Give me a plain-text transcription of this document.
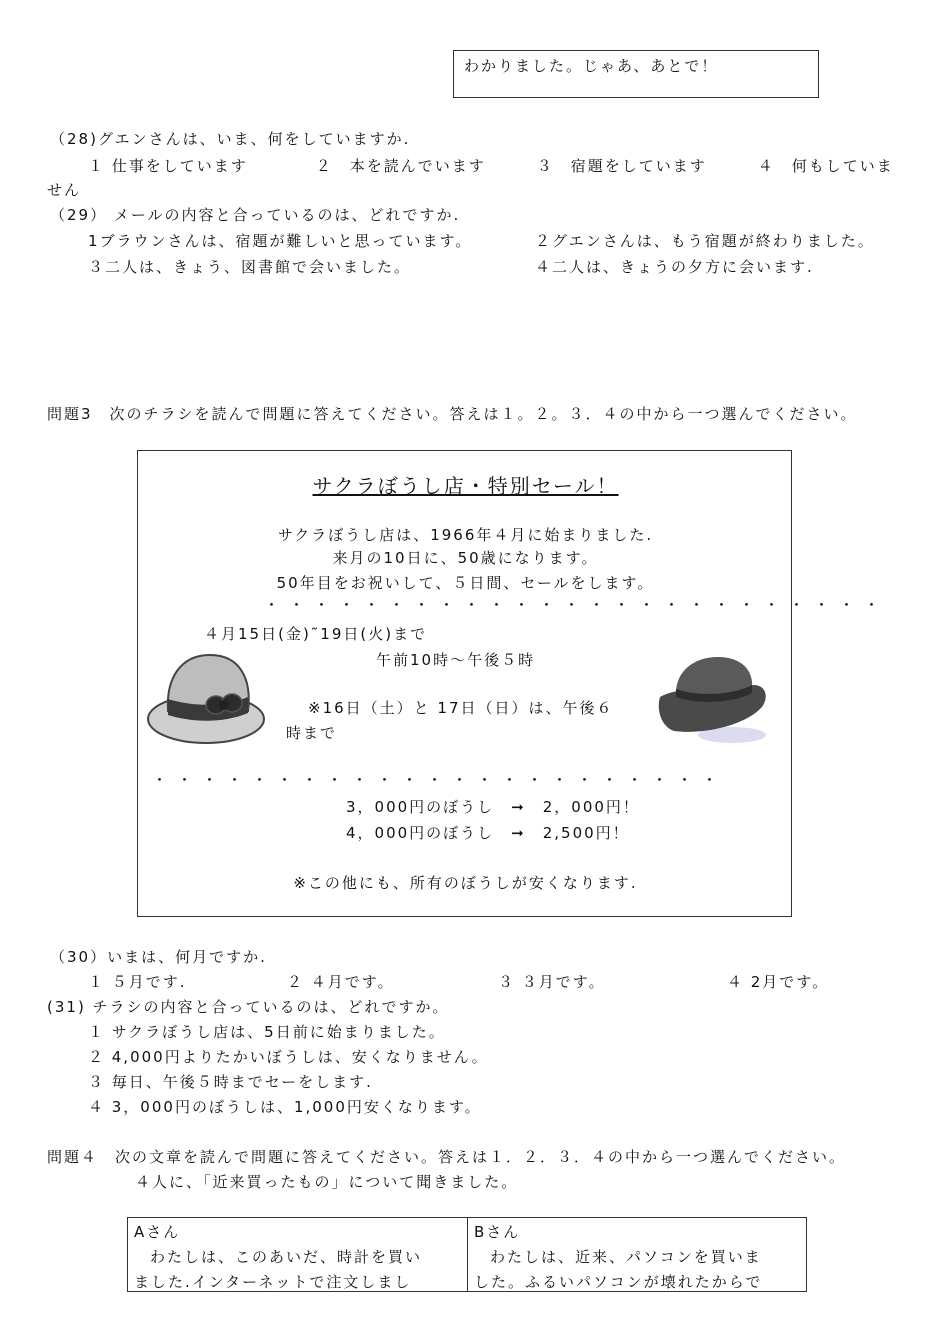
わかりました。じゃあ、あとで！
（28)グエンさんは、いま、何をしていますか.
１ 仕事をしています　　　　２　本を読んでいます　　　３　宿題をしています　　　４　何もしていま
せん
（29） メールの内容と合っているのは、どれですか.
1ブラウンさんは、宿題が難しいと思っています。	２グエンさんは、もう宿題が終わりました。
３二人は、きょう、図書館で会いました。	４二人は、きょうの夕方に会います.
問題3　次のチラシを読んで問題に答えてください。答えは１。２。３．４の中から一つ選んでください。
サクラぼうし店・特別セール！
サクラぼうし店は、1966年４月に始まりました.
来月の10日に、50歳になります。
50年目をお祝いして、５日間、セールをします。
・・・・・・・・・・・・・・・・・・・・・・・・・
４月15日(金)˜19日(火)まで
午前10時～午後５時
※16日（土）と 17日（日）は、午後６
時まで
・・・・・・・・・・・・・・・・・・・・・・・
3，000円のぼうし　➞　2，000円！
4，000円のぼうし　➞　2,500円！
※この他にも、所有のぼうしが安くなります.
（30）いまは、何月ですか.
１ ５月です.	２ ４月です。	３ ３月です。	４ 2月です。
(31) チラシの内容と合っているのは、どれですか。
１ サクラぼうし店は、5日前に始まりました。
２ 4,000円よりたかいぼうしは、安くなりません。
３ 毎日、午後５時までセーをします.
４ 3，000円のぼうしは、1,000円安くなります。
問題４　次の文章を読んで問題に答えてください。答えは１．２．３．４の中から一つ選んでください。
４人に、「近来買ったもの」について聞きました。
Aさん
わたしは、このあいだ、時計を買い
ました.インターネットで注文しまし
Bさん
わたしは、近来、パソコンを買いま
した。ふるいパソコンが壊れたからで
